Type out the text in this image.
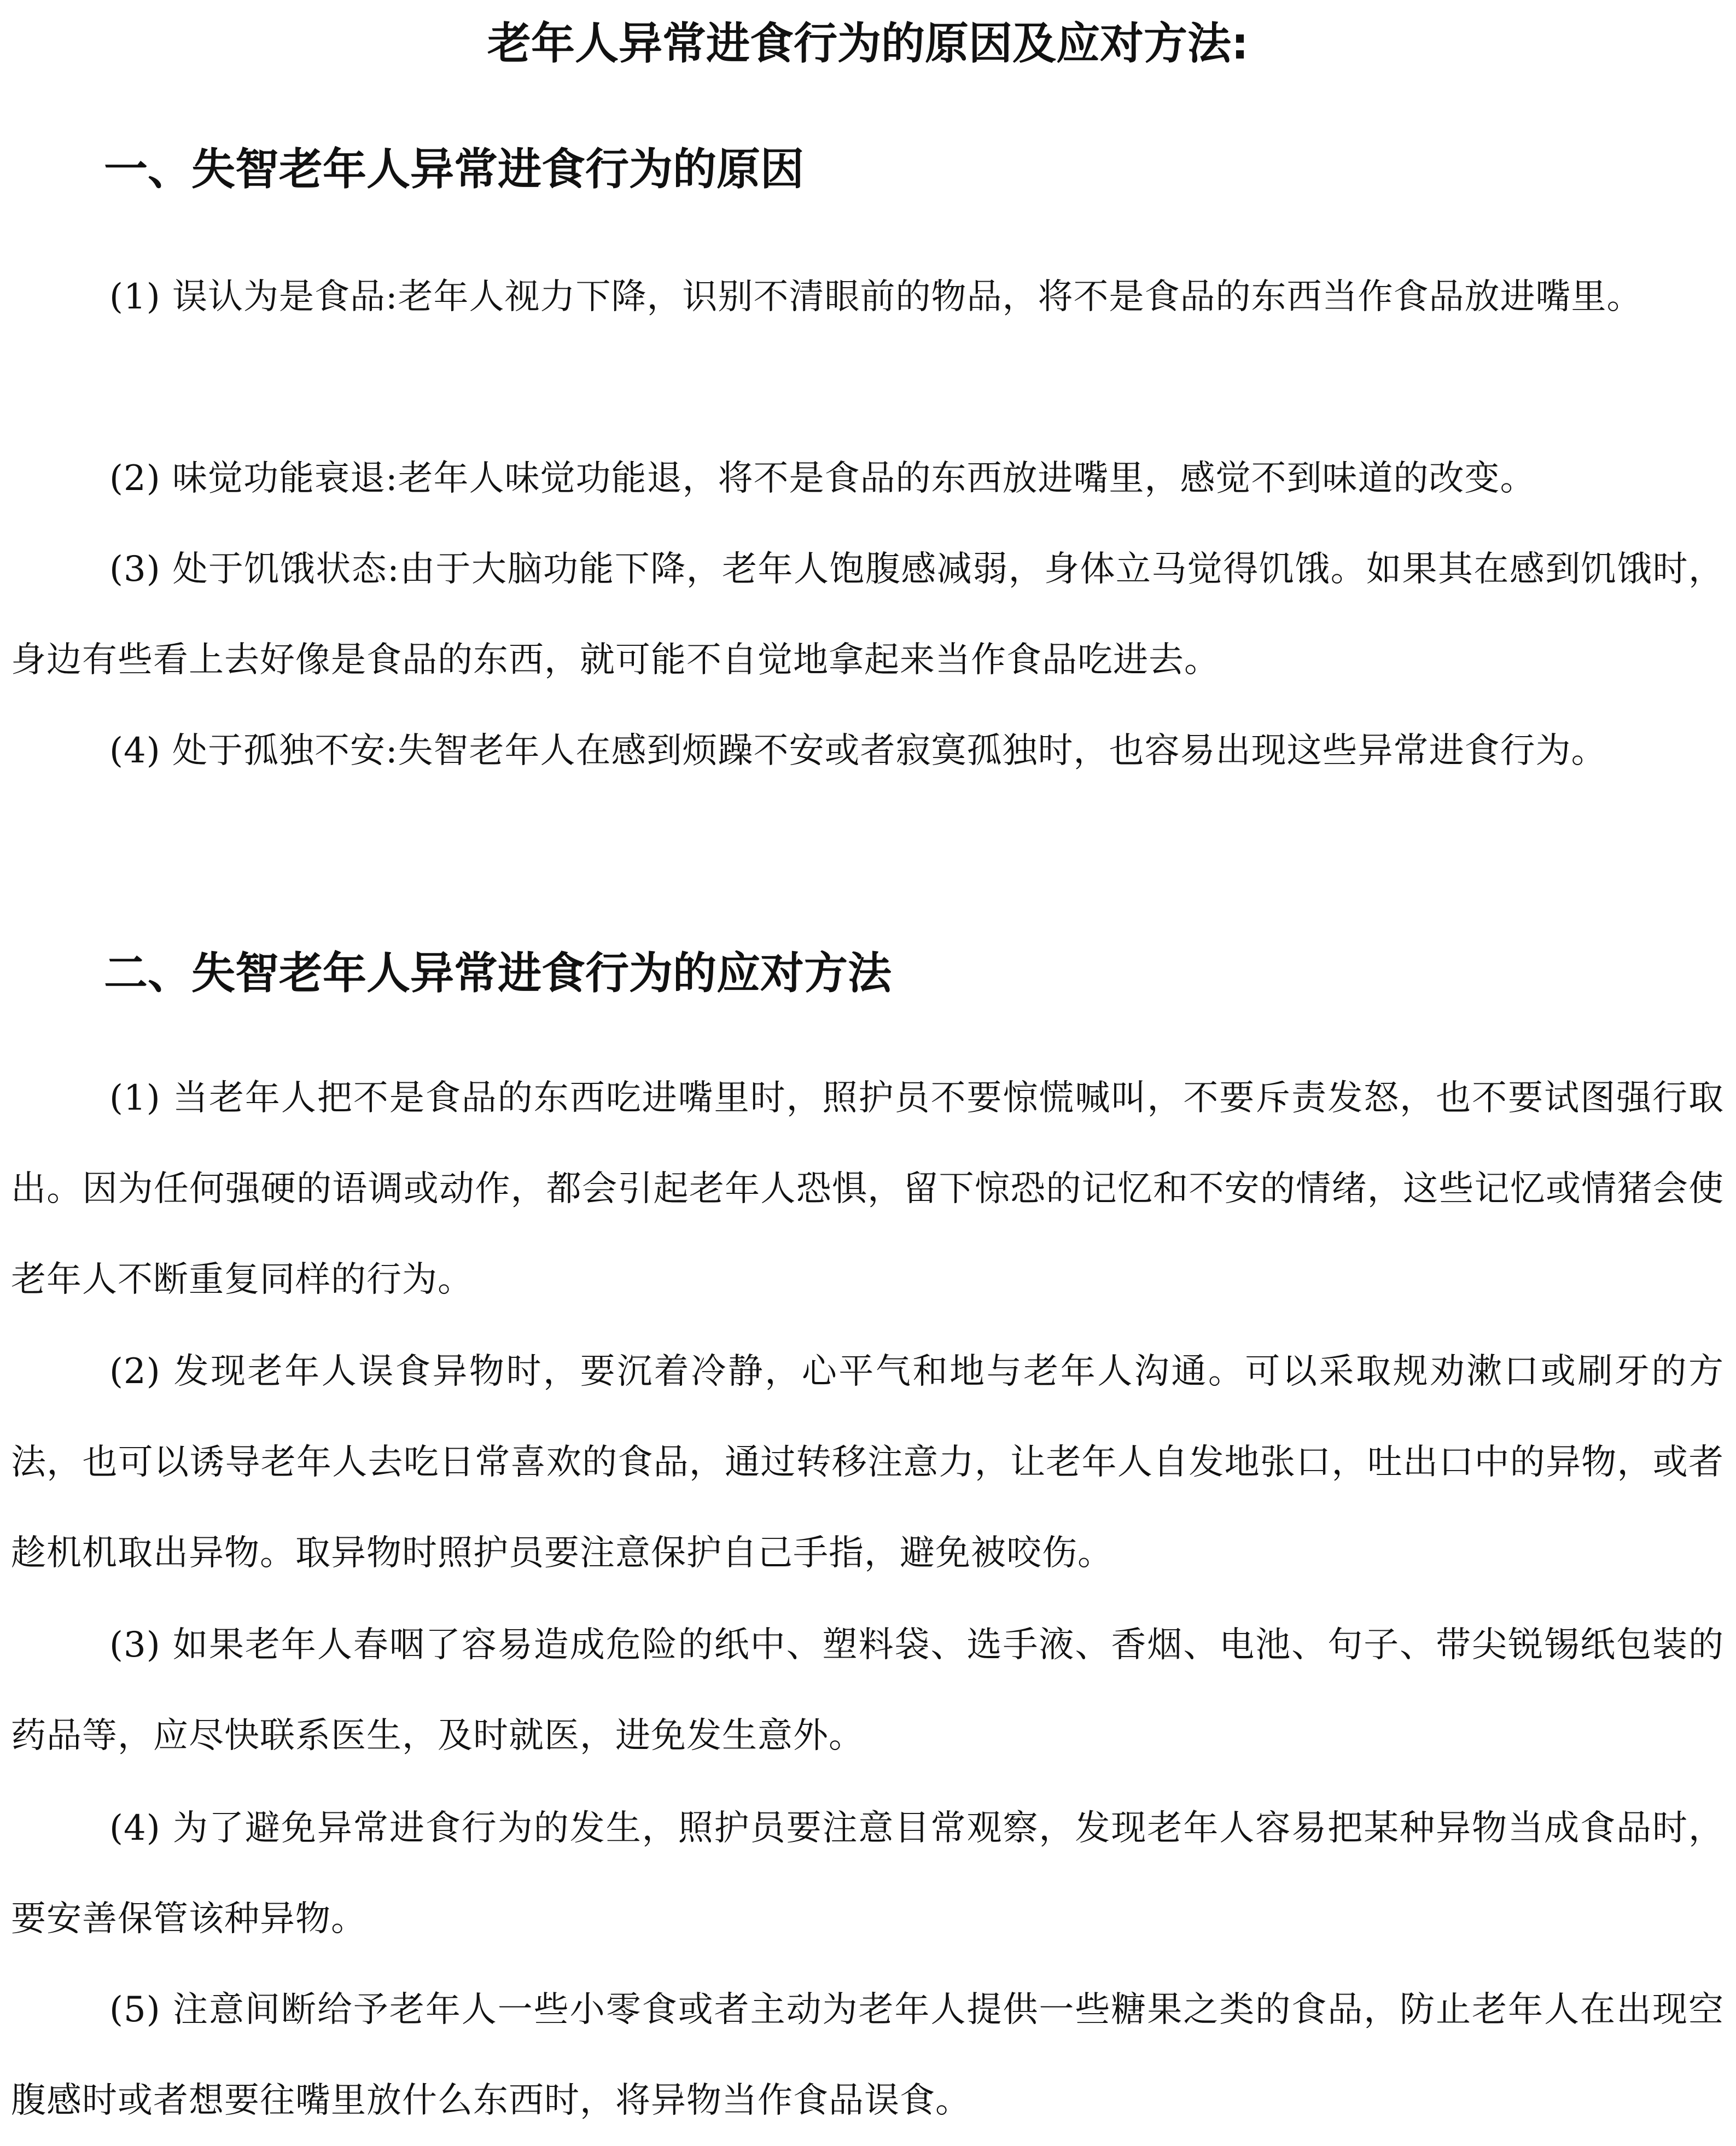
老年人异常进食行为的原因及应对方法:
一、失智老年人异常进食行为的原因

(1) 误认为是食品:老年人视力下降，识别不清眼前的物品，将不是食品的东西当作食品放进嘴里。

(2) 味觉功能衰退:老年人味觉功能退，将不是食品的东西放进嘴里，感觉不到味道的改变。

(3) 处于饥饿状态:由于大脑功能下降，老年人饱腹感减弱，身体立马觉得饥饿。如果其在感到饥饿时，身边有些看上去好像是食品的东西，就可能不自觉地拿起来当作食品吃进去。

(4) 处于孤独不安:失智老年人在感到烦躁不安或者寂寞孤独时，也容易出现这些异常进食行为。

二、失智老年人异常进食行为的应对方法

(1) 当老年人把不是食品的东西吃进嘴里时，照护员不要惊慌喊叫，不要斥责发怒，也不要试图强行取出。因为任何强硬的语调或动作，都会引起老年人恐惧，留下惊恐的记忆和不安的情绪，这些记忆或情猪会使老年人不断重复同样的行为。

(2) 发现老年人误食异物时，要沉着冷静，心平气和地与老年人沟通。可以采取规劝漱口或刷牙的方法，也可以诱导老年人去吃日常喜欢的食品，通过转移注意力，让老年人自发地张口，吐出口中的异物，或者趁机机取出异物。取异物时照护员要注意保护自己手指，避免被咬伤。

(3) 如果老年人春咽了容易造成危险的纸中、塑料袋、选手液、香烟、电池、句子、带尖锐锡纸包装的药品等，应尽快联系医生，及时就医，进免发生意外。

(4) 为了避免异常进食行为的发生，照护员要注意目常观察，发现老年人容易把某种异物当成食品时，要安善保管该种异物。

(5) 注意间断给予老年人一些小零食或者主动为老年人提供一些糖果之类的食品，防止老年人在出现空腹感时或者想要往嘴里放什么东西时，将异物当作食品误食。
